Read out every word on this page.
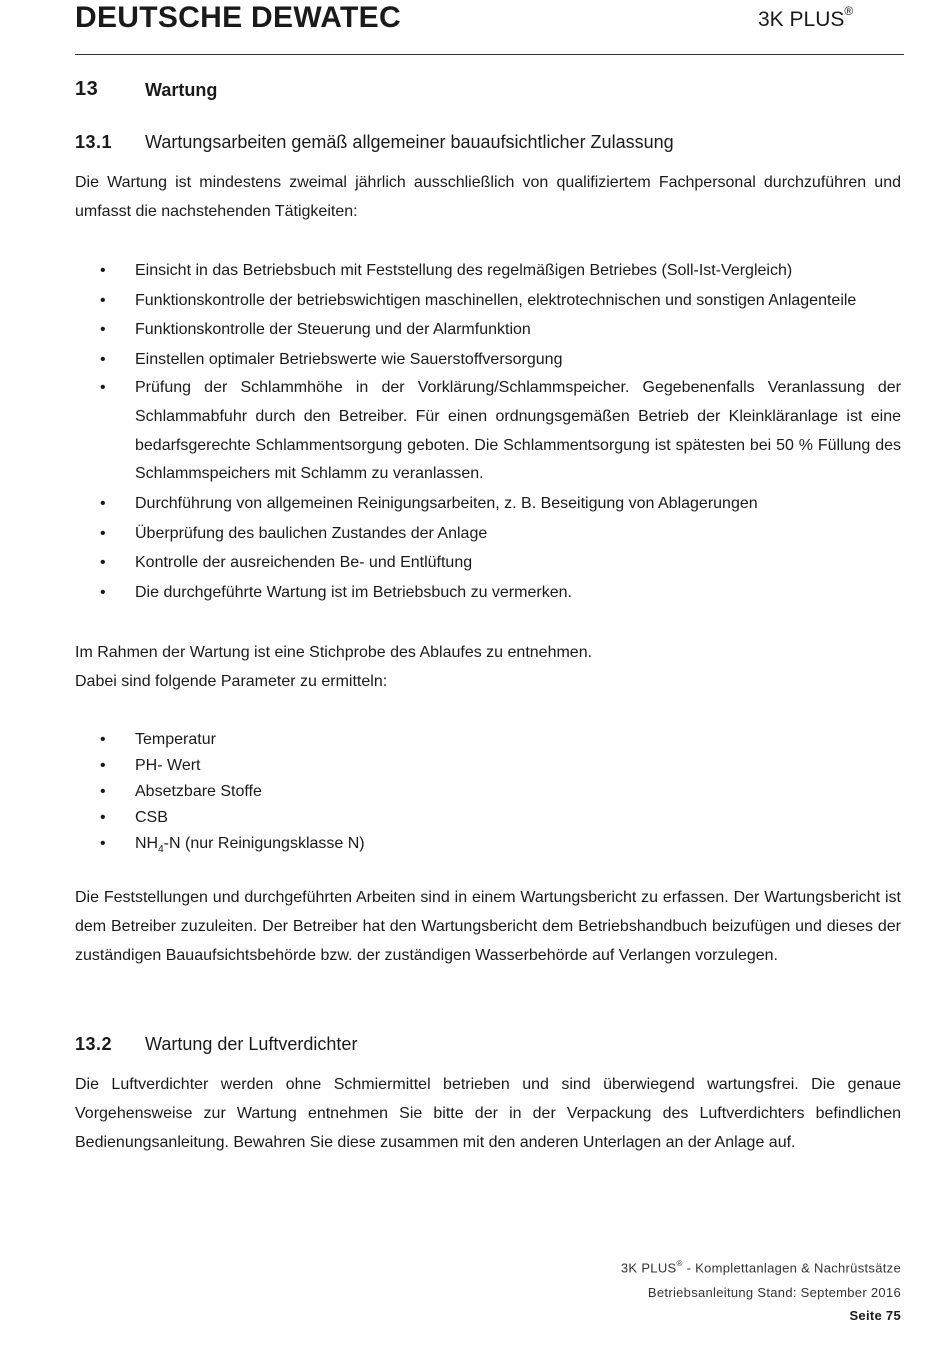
DEUTSCHE DEWATEC	3K PLUS®
13	Wartung
13.1 Wartungsarbeiten gemäß allgemeiner bauaufsichtlicher Zulassung

Die Wartung ist mindestens zweimal jährlich ausschließlich von qualifiziertem Fachpersonal durchzuführen und umfasst die nachstehenden Tätigkeiten:

• Einsicht in das Betriebsbuch mit Feststellung des regelmäßigen Betriebes (Soll-Ist-Vergleich)
• Funktionskontrolle der betriebswichtigen maschinellen, elektrotechnischen und sonstigen Anlagenteile
• Funktionskontrolle der Steuerung und der Alarmfunktion
• Einstellen optimaler Betriebswerte wie Sauerstoffversorgung
• Prüfung der Schlammhöhe in der Vorklärung/Schlammspeicher. Gegebenenfalls Veranlassung der Schlammabfuhr durch den Betreiber. Für einen ordnungsgemäßen Betrieb der Kleinkläranlage ist eine bedarfsgerechte Schlammentsorgung geboten. Die Schlammentsorgung ist spätesten bei 50 % Füllung des Schlammspeichers mit Schlamm zu veranlassen.
• Durchführung von allgemeinen Reinigungsarbeiten, z. B. Beseitigung von Ablagerungen
• Überprüfung des baulichen Zustandes der Anlage
• Kontrolle der ausreichenden Be- und Entlüftung
• Die durchgeführte Wartung ist im Betriebsbuch zu vermerken.

Im Rahmen der Wartung ist eine Stichprobe des Ablaufes zu entnehmen.
Dabei sind folgende Parameter zu ermitteln:

• Temperatur
• PH- Wert
• Absetzbare Stoffe
• CSB
• $NH_4-N$ (nur Reinigungsklasse N)

Die Feststellungen und durchgeführten Arbeiten sind in einem Wartungsbericht zu erfassen. Der Wartungsbericht ist dem Betreiber zuzuleiten. Der Betreiber hat den Wartungsbericht dem Betriebshandbuch beizufügen und dieses der zuständigen Bauaufsichtsbehörde bzw. der zuständigen Wasserbehörde auf Verlangen vorzulegen.

13.2 Wartung der Luftverdichter

Die Luftverdichter werden ohne Schmiermittel betrieben und sind überwiegend wartungsfrei. Die genaue Vorgehensweise zur Wartung entnehmen Sie bitte der in der Verpackung des Luftverdichters befindlichen Bedienungsanleitung. Bewahren Sie diese zusammen mit den anderen Unterlagen an der Anlage auf.

3K PLUS® - Komplettanlagen & Nachrüstsätze
Betriebsanleitung Stand: September 2016
Seite 75
